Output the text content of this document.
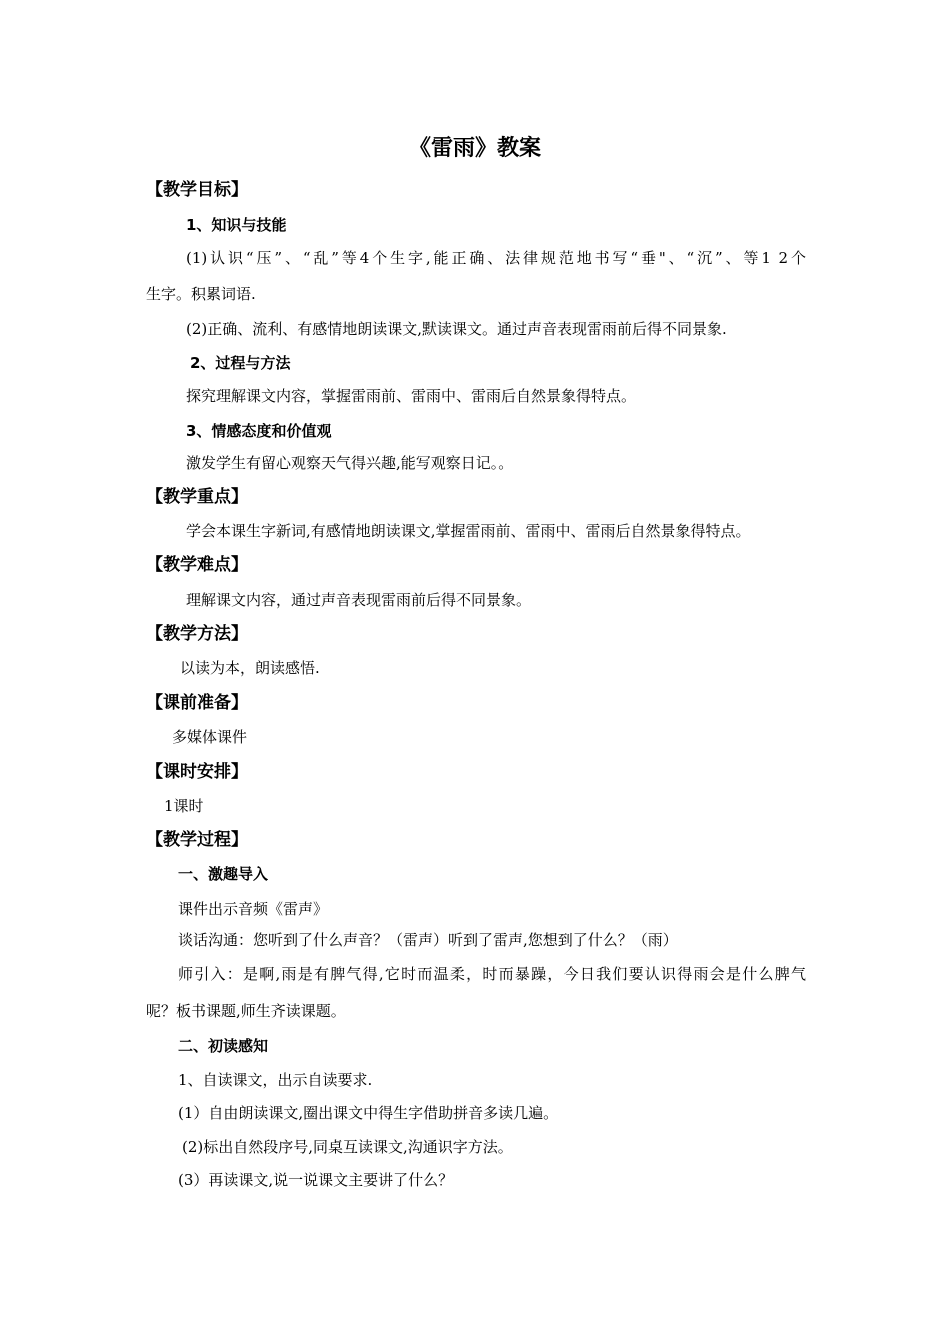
《雷雨》教案
【教学目标】
1、知识与技能
(1)认识“压”、“乱”等4个生字,能正确、法律规范地书写“垂"、“沉”、等1 2个
生字。积累词语.
(2)正确、流利、有感情地朗读课文,默读课文。通过声音表现雷雨前后得不同景象.
2、过程与方法
探究理解课文内容，掌握雷雨前、雷雨中、雷雨后自然景象得特点。
3、情感态度和价值观
激发学生有留心观察天气得兴趣,能写观察日记。。
【教学重点】
学会本课生字新词,有感情地朗读课文,掌握雷雨前、雷雨中、雷雨后自然景象得特点。
【教学难点】
理解课文内容，通过声音表现雷雨前后得不同景象。
【教学方法】
以读为本，朗读感悟.
【课前准备】
多媒体课件
【课时安排】
1课时
【教学过程】
一、激趣导入
课件出示音频《雷声》
谈话沟通：您听到了什么声音？（雷声）听到了雷声,您想到了什么？（雨）
师引入：是啊,雨是有脾气得,它时而温柔，时而暴躁，今日我们要认识得雨会是什么脾气
呢？板书课题,师生齐读课题。
二、初读感知
1、自读课文，出示自读要求.
(1）自由朗读课文,圈出课文中得生字借助拼音多读几遍。
(2)标出自然段序号,同桌互读课文,沟通识字方法。
(3）再读课文,说一说课文主要讲了什么？
